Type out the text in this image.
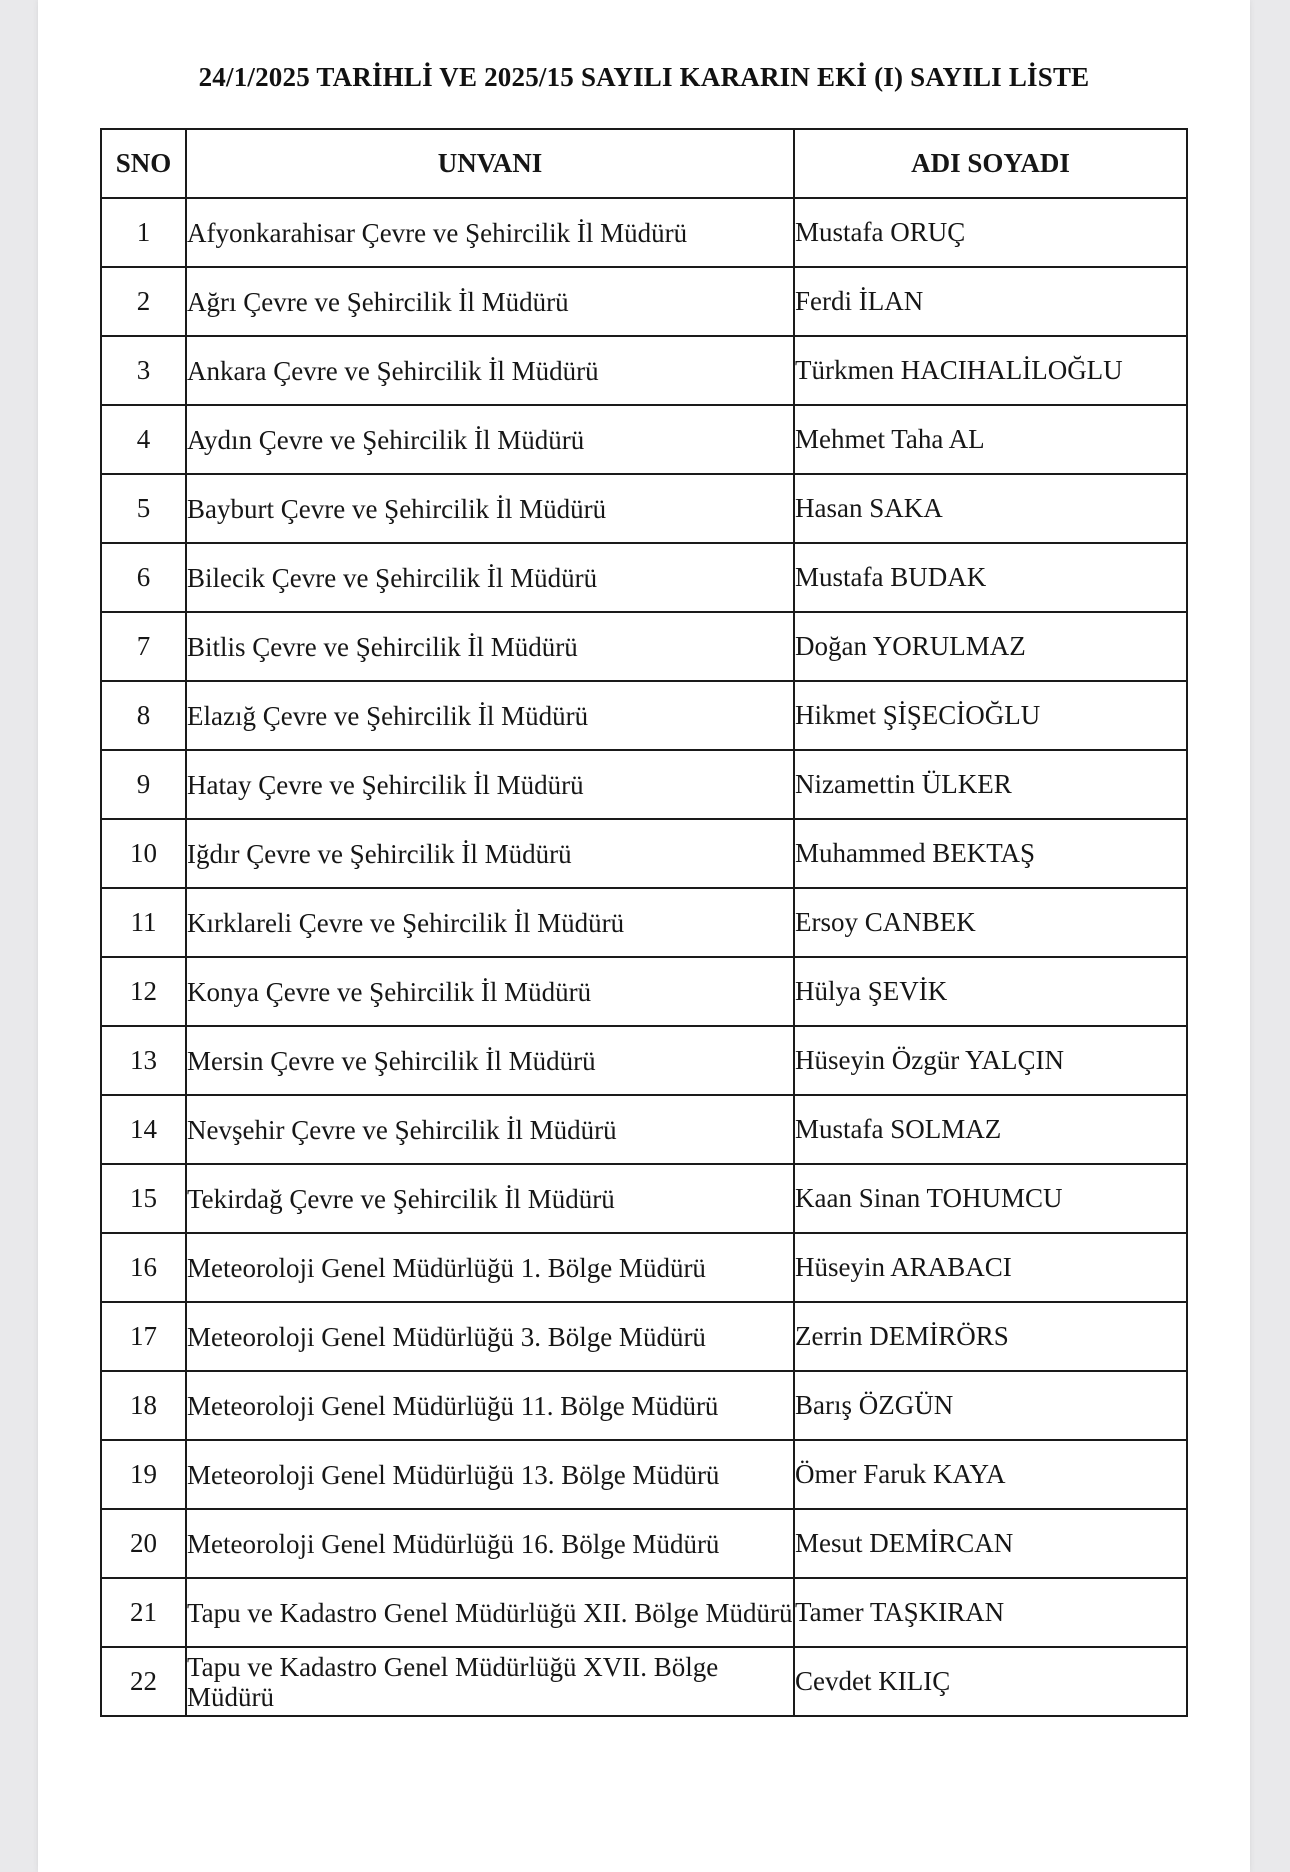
24/1/2025 TARİHLİ VE 2025/15 SAYILI KARARIN EKİ (I) SAYILI LİSTE
SNO	UNVANI	ADI SOYADI
1	Afyonkarahisar Çevre ve Şehircilik İl Müdürü	Mustafa ORUÇ
2	Ağrı Çevre ve Şehircilik İl Müdürü	Ferdi İLAN
3	Ankara Çevre ve Şehircilik İl Müdürü	Türkmen HACIHALİLOĞLU
4	Aydın Çevre ve Şehircilik İl Müdürü	Mehmet Taha AL
5	Bayburt Çevre ve Şehircilik İl Müdürü	Hasan SAKA
6	Bilecik Çevre ve Şehircilik İl Müdürü	Mustafa BUDAK
7	Bitlis Çevre ve Şehircilik İl Müdürü	Doğan YORULMAZ
8	Elazığ Çevre ve Şehircilik İl Müdürü	Hikmet ŞİŞECİOĞLU
9	Hatay Çevre ve Şehircilik İl Müdürü	Nizamettin ÜLKER
10	Iğdır Çevre ve Şehircilik İl Müdürü	Muhammed BEKTAŞ
11	Kırklareli Çevre ve Şehircilik İl Müdürü	Ersoy CANBEK
12	Konya Çevre ve Şehircilik İl Müdürü	Hülya ŞEVİK
13	Mersin Çevre ve Şehircilik İl Müdürü	Hüseyin Özgür YALÇIN
14	Nevşehir Çevre ve Şehircilik İl Müdürü	Mustafa SOLMAZ
15	Tekirdağ Çevre ve Şehircilik İl Müdürü	Kaan Sinan TOHUMCU
16	Meteoroloji Genel Müdürlüğü 1. Bölge Müdürü	Hüseyin ARABACI
17	Meteoroloji Genel Müdürlüğü 3. Bölge Müdürü	Zerrin DEMİRÖRS
18	Meteoroloji Genel Müdürlüğü 11. Bölge Müdürü	Barış ÖZGÜN
19	Meteoroloji Genel Müdürlüğü 13. Bölge Müdürü	Ömer Faruk KAYA
20	Meteoroloji Genel Müdürlüğü 16. Bölge Müdürü	Mesut DEMİRCAN
21	Tapu ve Kadastro Genel Müdürlüğü XII. Bölge Müdürü	Tamer TAŞKIRAN
22	Tapu ve Kadastro Genel Müdürlüğü XVII. Bölge Müdürü	Cevdet KILIÇ
